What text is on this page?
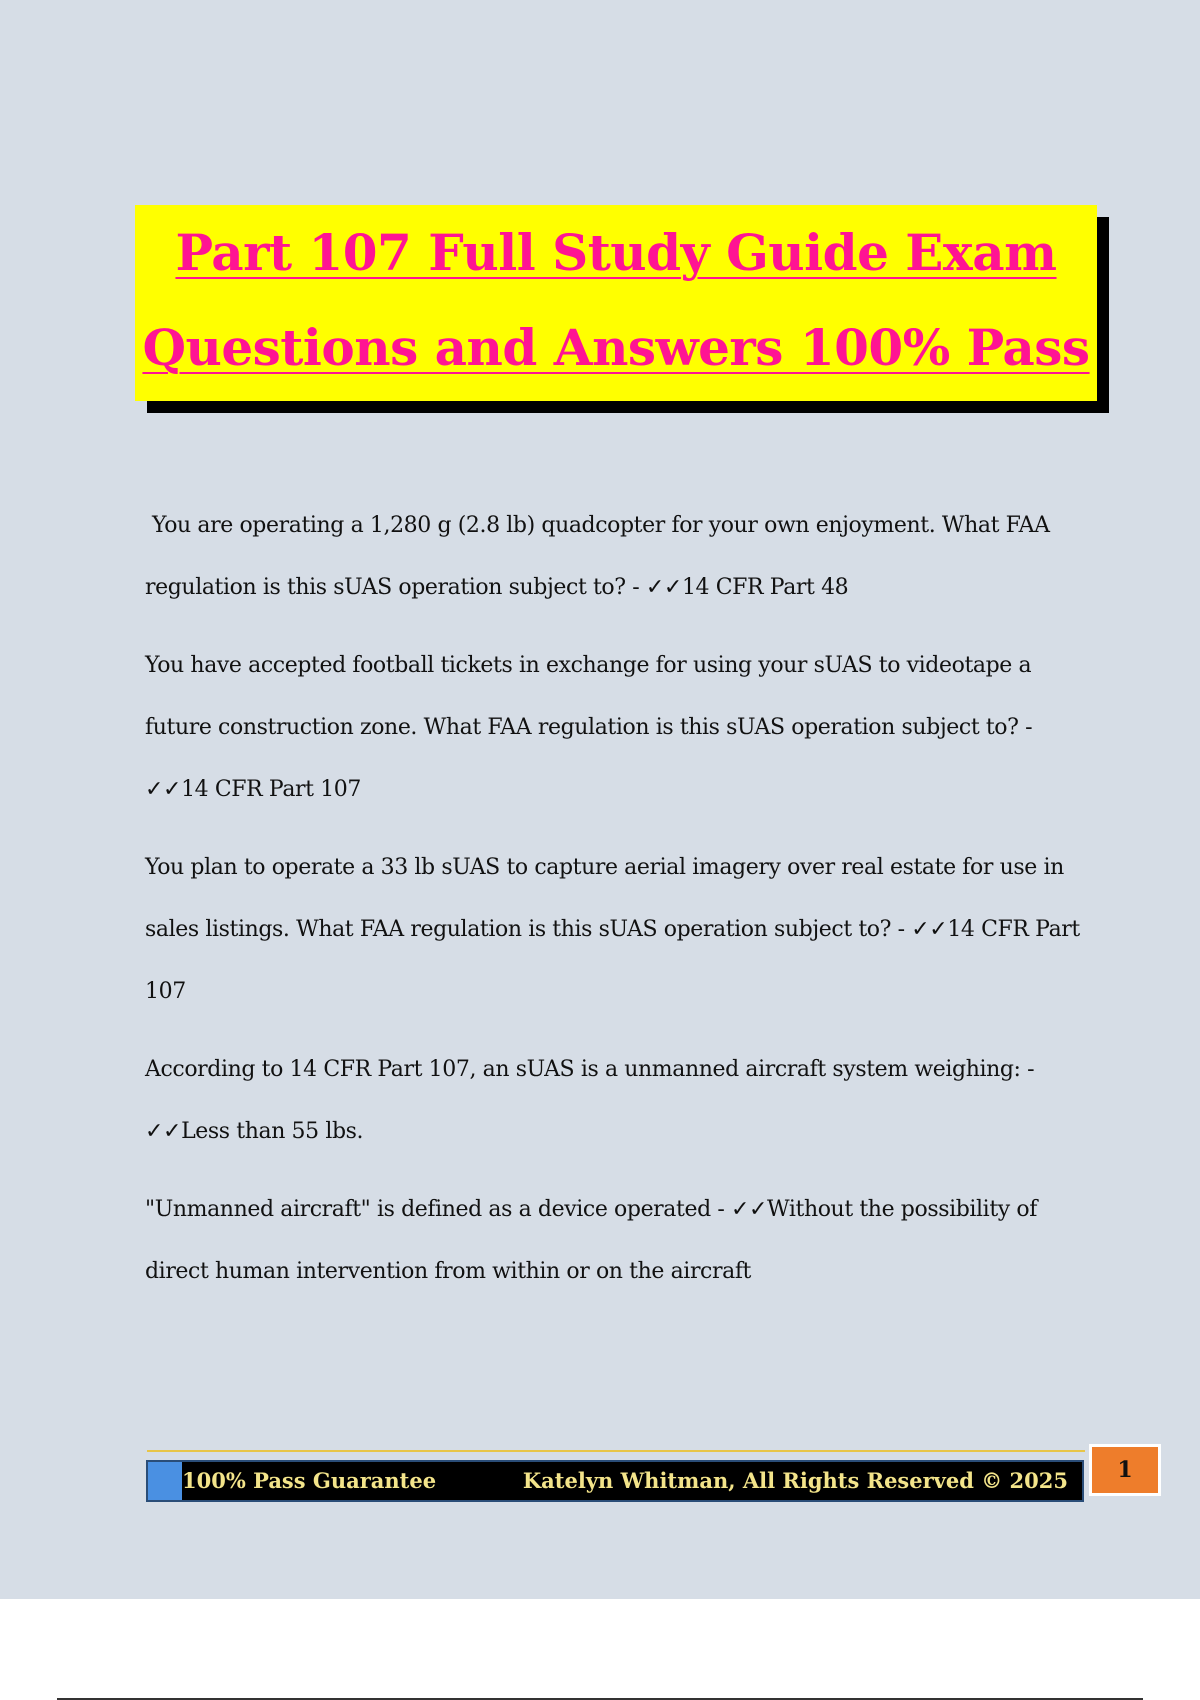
Part 107 Full Study Guide Exam
Questions and Answers 100% Pass

You are operating a 1,280 g (2.8 lb) quadcopter for your own enjoyment. What FAA regulation is this sUAS operation subject to? - ✓✓14 CFR Part 48

You have accepted football tickets in exchange for using your sUAS to videotape a future construction zone. What FAA regulation is this sUAS operation subject to? - ✓✓14 CFR Part 107

You plan to operate a 33 lb sUAS to capture aerial imagery over real estate for use in sales listings. What FAA regulation is this sUAS operation subject to? - ✓✓14 CFR Part 107

According to 14 CFR Part 107, an sUAS is a unmanned aircraft system weighing: - ✓✓Less than 55 lbs.

"Unmanned aircraft" is defined as a device operated - ✓✓Without the possibility of direct human intervention from within or on the aircraft

100% Pass Guarantee	Katelyn Whitman, All Rights Reserved © 2025	1
